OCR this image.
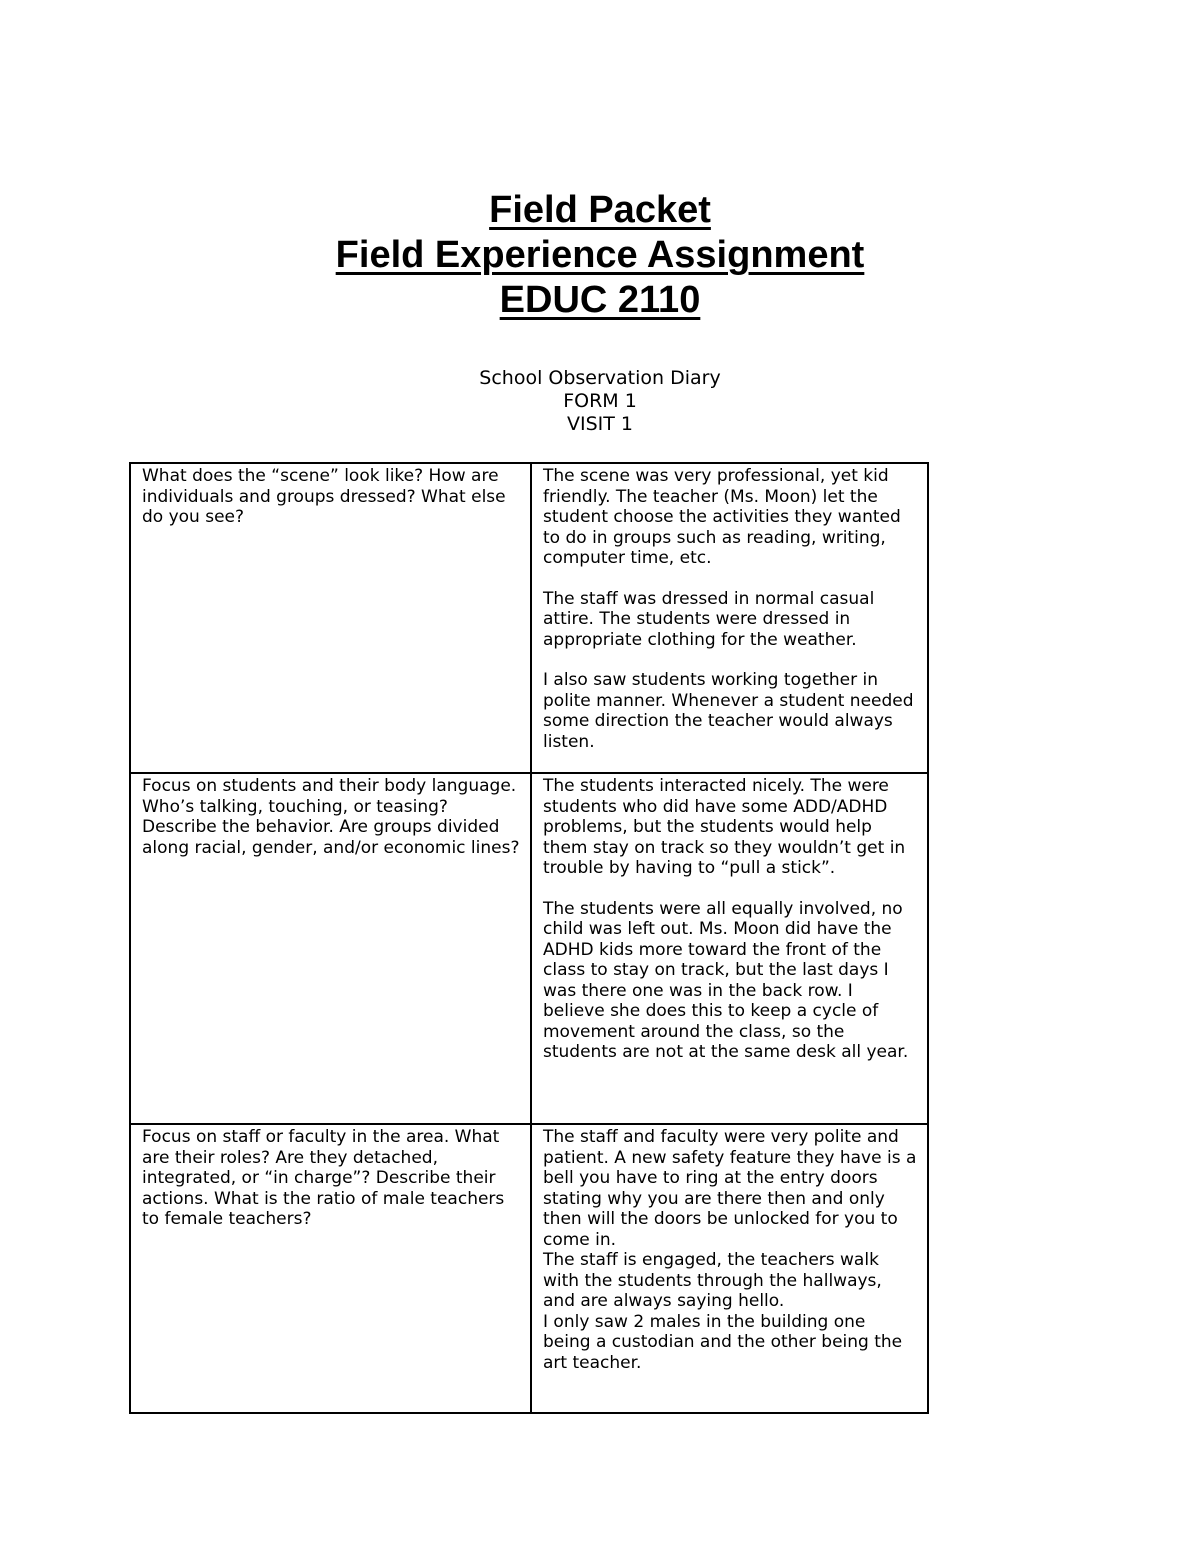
Field Packet
Field Experience Assignment
EDUC 2110
School Observation Diary
FORM 1
VISIT 1
What does the “scene” look like? How are individuals and groups dressed? What else do you see?	The scene was very professional, yet kid friendly. The teacher (Ms. Moon) let the student choose the activities they wanted to do in groups such as reading, writing, computer time, etc.
The staff was dressed in normal casual attire. The students were dressed in appropriate clothing for the weather.
I also saw students working together in polite manner. Whenever a student needed some direction the teacher would always listen.

Focus on students and their body language. Who’s talking, touching, or teasing? Describe the behavior. Are groups divided along racial, gender, and/or economic lines?	The students interacted nicely. The were students who did have some ADD/ADHD problems, but the students would help them stay on track so they wouldn’t get in trouble by having to “pull a stick”.
The students were all equally involved, no child was left out. Ms. Moon did have the ADHD kids more toward the front of the class to stay on track, but the last days I was there one was in the back row. I believe she does this to keep a cycle of movement around the class, so the students are not at the same desk all year.

Focus on staff or faculty in the area. What are their roles? Are they detached, integrated, or “in charge”? Describe their actions. What is the ratio of male teachers to female teachers?	The staff and faculty were very polite and patient. A new safety feature they have is a bell you have to ring at the entry doors stating why you are there then and only then will the doors be unlocked for you to come in.
The staff is engaged, the teachers walk with the students through the hallways, and are always saying hello.
I only saw 2 males in the building one being a custodian and the other being the art teacher.
